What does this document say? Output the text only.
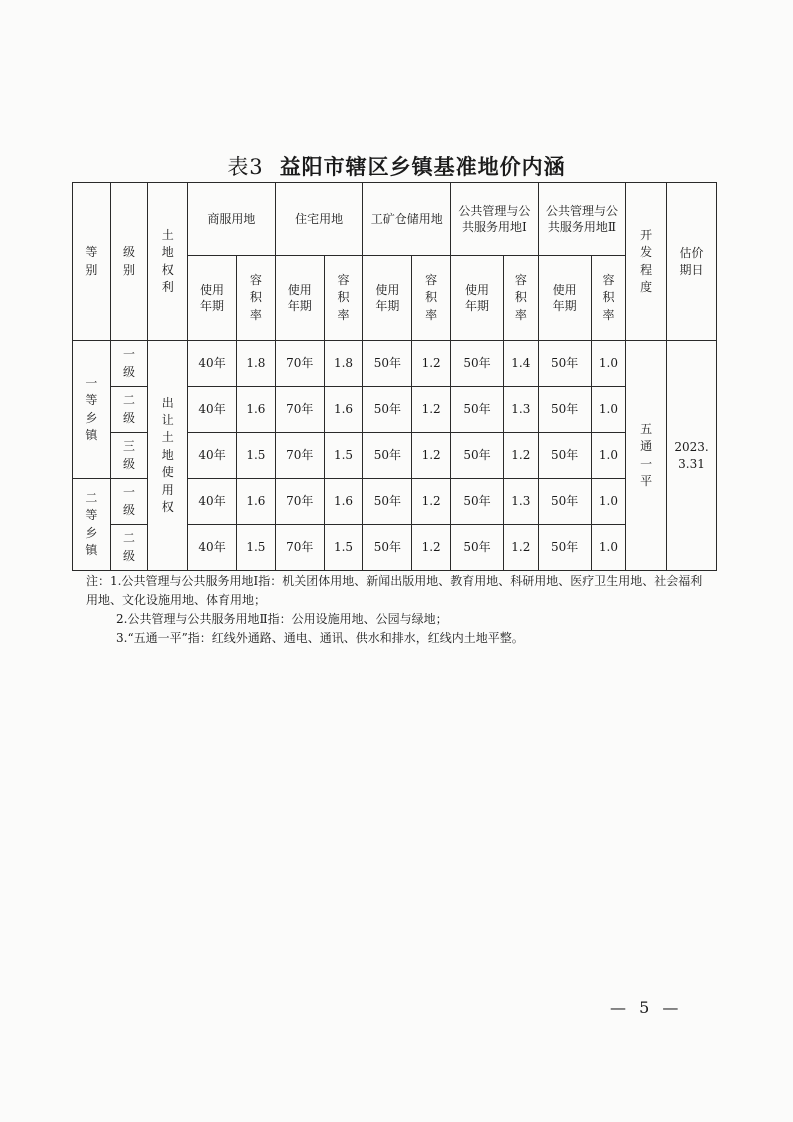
表3 益阳市辖区乡镇基准地价内涵
等别	级别	土地权利	商服用地		住宅用地		工矿仓储用地		公共管理与公共服务用地Ⅰ		公共管理与公共服务用地Ⅱ		开发程度	估价期日

			使用年期	容积率	使用年期	容积率	使用年期	容积率	使用年期	容积率	使用年期	容积率		
一等乡镇	一级	出让土地使用权	40年	1.8	70年	1.8	50年	1.2	50年	1.4	50年	1.0	五通一平	2023.
3.31
	二级		40年	1.6	70年	1.6	50年	1.2	50年	1.3	50年	1.0		
	三级		40年	1.5	70年	1.5	50年	1.2	50年	1.2	50年	1.0		
二等乡镇	一级		40年	1.6	70年	1.6	50年	1.2	50年	1.3	50年	1.0		
	二级		40年	1.5	70年	1.5	50年	1.2	50年	1.2	50年	1.0		

注：1.公共管理与公共服务用地Ⅰ指：机关团体用地、新闻出版用地、教育用地、科研用地、医疗卫生用地、社会福利用地、文化设施用地、体育用地；

2.公共管理与公共服务用地Ⅱ指：公用设施用地、公园与绿地；

3.“五通一平”指：红线外通路、通电、通讯、供水和排水，红线内土地平整。

— 5 —
